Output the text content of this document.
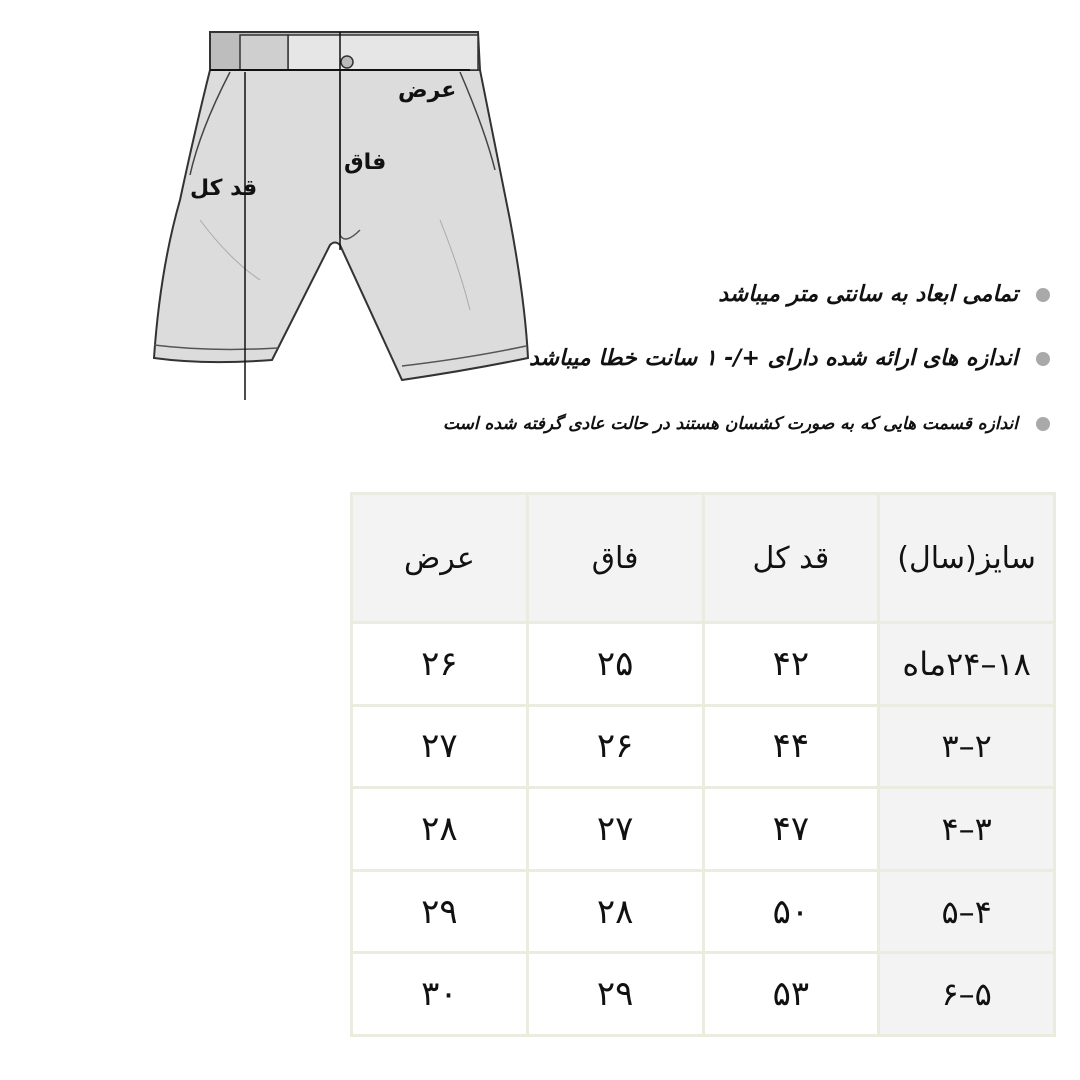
عرض
فاق
قد کل
تمامی ابعاد به سانتی متر میباشد
اندازه های ارائه شده دارای +/- ۱ سانت خطا میباشد
اندازه قسمت هایی که به صورت کشسان هستند در حالت عادی گرفته شده است
سایز(سال)	قد کل	فاق	عرض
۱۸–۲۴ماه	۴۲	۲۵	۲۶
۲–۳	۴۴	۲۶	۲۷
۳–۴	۴۷	۲۷	۲۸
۴–۵	۵۰	۲۸	۲۹
۵–۶	۵۳	۲۹	۳۰
